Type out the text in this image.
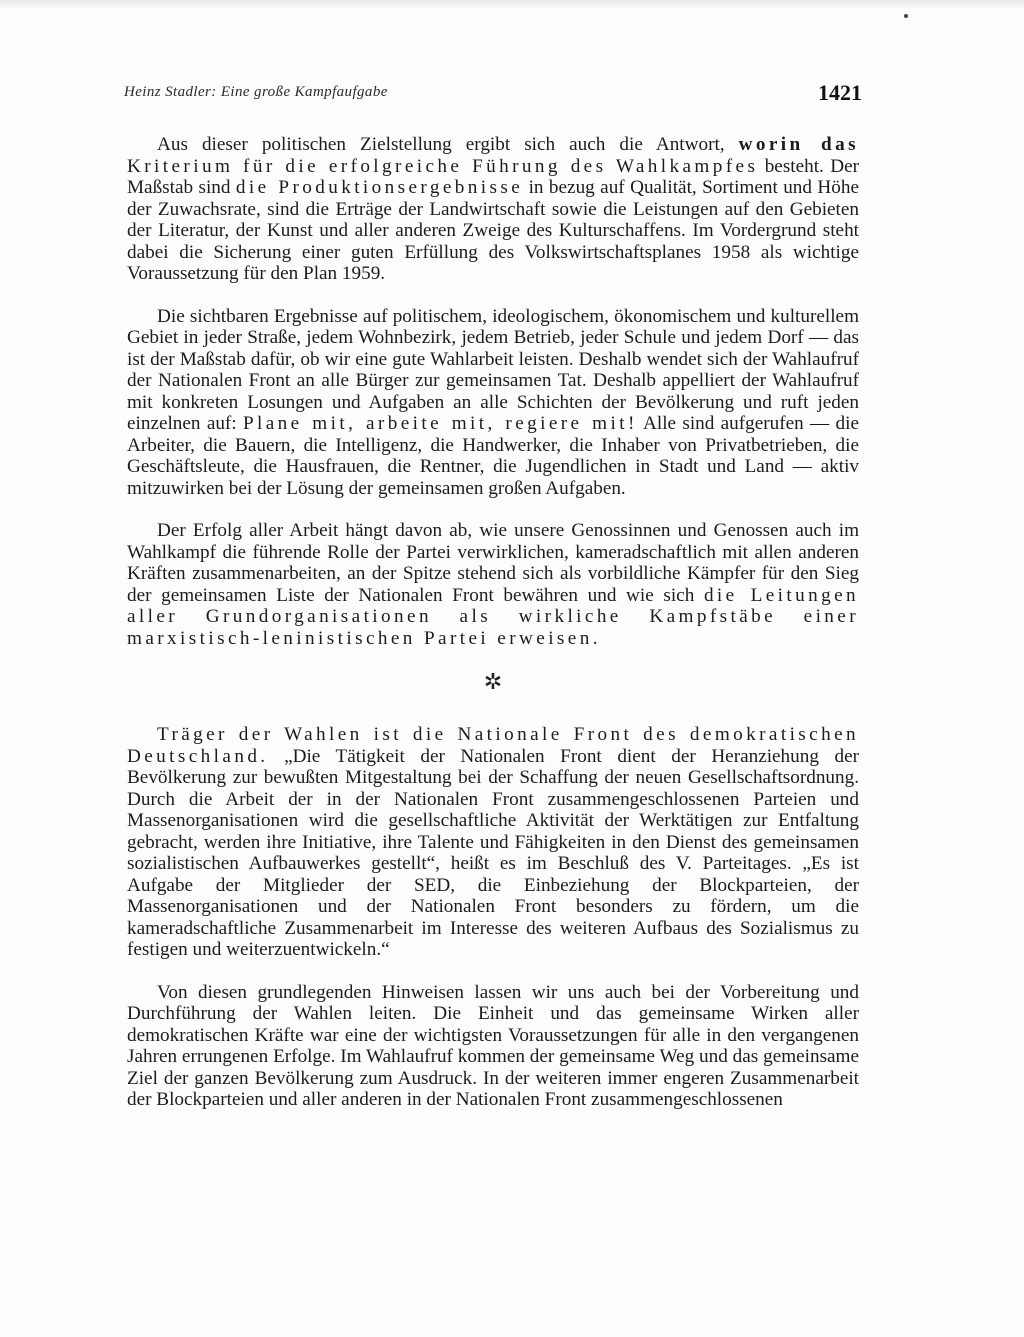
Heinz Stadler: Eine große Kampfaufgabe	1421

Aus dieser politischen Zielstellung ergibt sich auch die Antwort, worin das Kriterium für die erfolgreiche Führung des Wahlkampfes besteht. Der Maßstab sind die Produktionsergebnisse in bezug auf Qualität, Sortiment und Höhe der Zuwachsrate, sind die Erträge der Landwirtschaft sowie die Leistungen auf den Gebieten der Literatur, der Kunst und aller anderen Zweige des Kulturschaffens. Im Vordergrund steht dabei die Sicherung einer guten Erfüllung des Volkswirtschaftsplanes 1958 als wichtige Voraussetzung für den Plan 1959.

Die sichtbaren Ergebnisse auf politischem, ideologischem, ökonomischem und kulturellem Gebiet in jeder Straße, jedem Wohnbezirk, jedem Betrieb, jeder Schule und jedem Dorf — das ist der Maßstab dafür, ob wir eine gute Wahlarbeit leisten. Deshalb wendet sich der Wahlaufruf der Nationalen Front an alle Bürger zur gemeinsamen Tat. Deshalb appelliert der Wahlaufruf mit konkreten Losungen und Aufgaben an alle Schichten der Bevölkerung und ruft jeden einzelnen auf: Plane mit, arbeite mit, regiere mit! Alle sind aufgerufen — die Arbeiter, die Bauern, die Intelligenz, die Handwerker, die Inhaber von Privatbetrieben, die Geschäftsleute, die Hausfrauen, die Rentner, die Jugendlichen in Stadt und Land — aktiv mitzuwirken bei der Lösung der gemeinsamen großen Aufgaben.

Der Erfolg aller Arbeit hängt davon ab, wie unsere Genossinnen und Genossen auch im Wahlkampf die führende Rolle der Partei verwirklichen, kameradschaftlich mit allen anderen Kräften zusammenarbeiten, an der Spitze stehend sich als vorbildliche Kämpfer für den Sieg der gemeinsamen Liste der Nationalen Front bewähren und wie sich die Leitungen aller Grundorganisationen als wirkliche Kampfstäbe einer marxistisch-leninistischen Partei erweisen.

✲

Träger der Wahlen ist die Nationale Front des demokratischen Deutschland. „Die Tätigkeit der Nationalen Front dient der Heranziehung der Bevölkerung zur bewußten Mitgestaltung bei der Schaffung der neuen Gesellschaftsordnung. Durch die Arbeit der in der Nationalen Front zusammengeschlossenen Parteien und Massenorganisationen wird die gesellschaftliche Aktivität der Werktätigen zur Entfaltung gebracht, werden ihre Initiative, ihre Talente und Fähigkeiten in den Dienst des gemeinsamen sozialistischen Aufbauwerkes gestellt“, heißt es im Beschluß des V. Parteitages. „Es ist Aufgabe der Mitglieder der SED, die Einbeziehung der Blockparteien, der Massenorganisationen und der Nationalen Front besonders zu fördern, um die kameradschaftliche Zusammenarbeit im Interesse des weiteren Aufbaus des Sozialismus zu festigen und weiterzuentwickeln.“

Von diesen grundlegenden Hinweisen lassen wir uns auch bei der Vorbereitung und Durchführung der Wahlen leiten. Die Einheit und das gemeinsame Wirken aller demokratischen Kräfte war eine der wichtigsten Voraussetzungen für alle in den vergangenen Jahren errungenen Erfolge. Im Wahlaufruf kommen der gemeinsame Weg und das gemeinsame Ziel der ganzen Bevölkerung zum Ausdruck. In der weiteren immer engeren Zusammenarbeit der Blockparteien und aller anderen in der Nationalen Front zusammengeschlossenen
